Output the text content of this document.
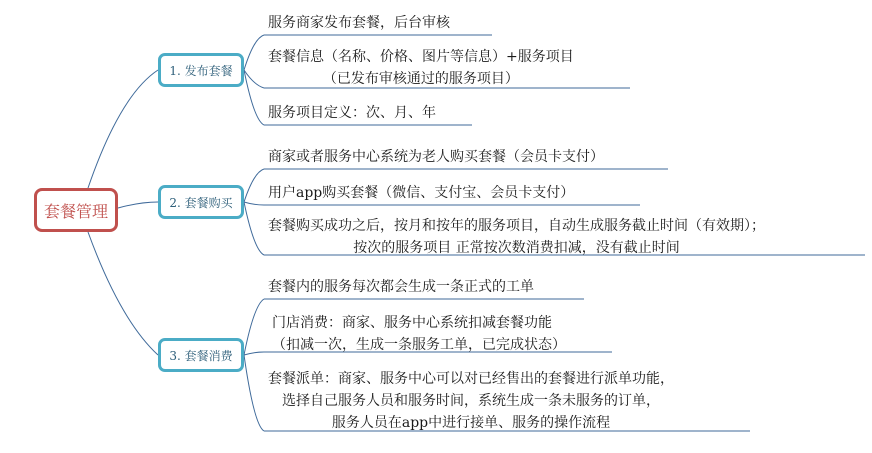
套餐管理
1. 发布套餐
2. 套餐购买
3. 套餐消费
服务商家发布套餐，后台审核
套餐信息（名称、价格、图片等信息）+服务项目
（已发布审核通过的服务项目）
服务项目定义：次、月、年
商家或者服务中心系统为老人购买套餐（会员卡支付）
用户app购买套餐（微信、支付宝、会员卡支付）
套餐购买成功之后，按月和按年的服务项目，自动生成服务截止时间（有效期）；
按次的服务项目 正常按次数消费扣减，没有截止时间
套餐内的服务每次都会生成一条正式的工单
门店消费：商家、服务中心系统扣减套餐功能
（扣减一次，生成一条服务工单，已完成状态）
套餐派单：商家、服务中心可以对已经售出的套餐进行派单功能，
选择自己服务人员和服务时间，系统生成一条未服务的订单，
服务人员在app中进行接单、服务的操作流程
